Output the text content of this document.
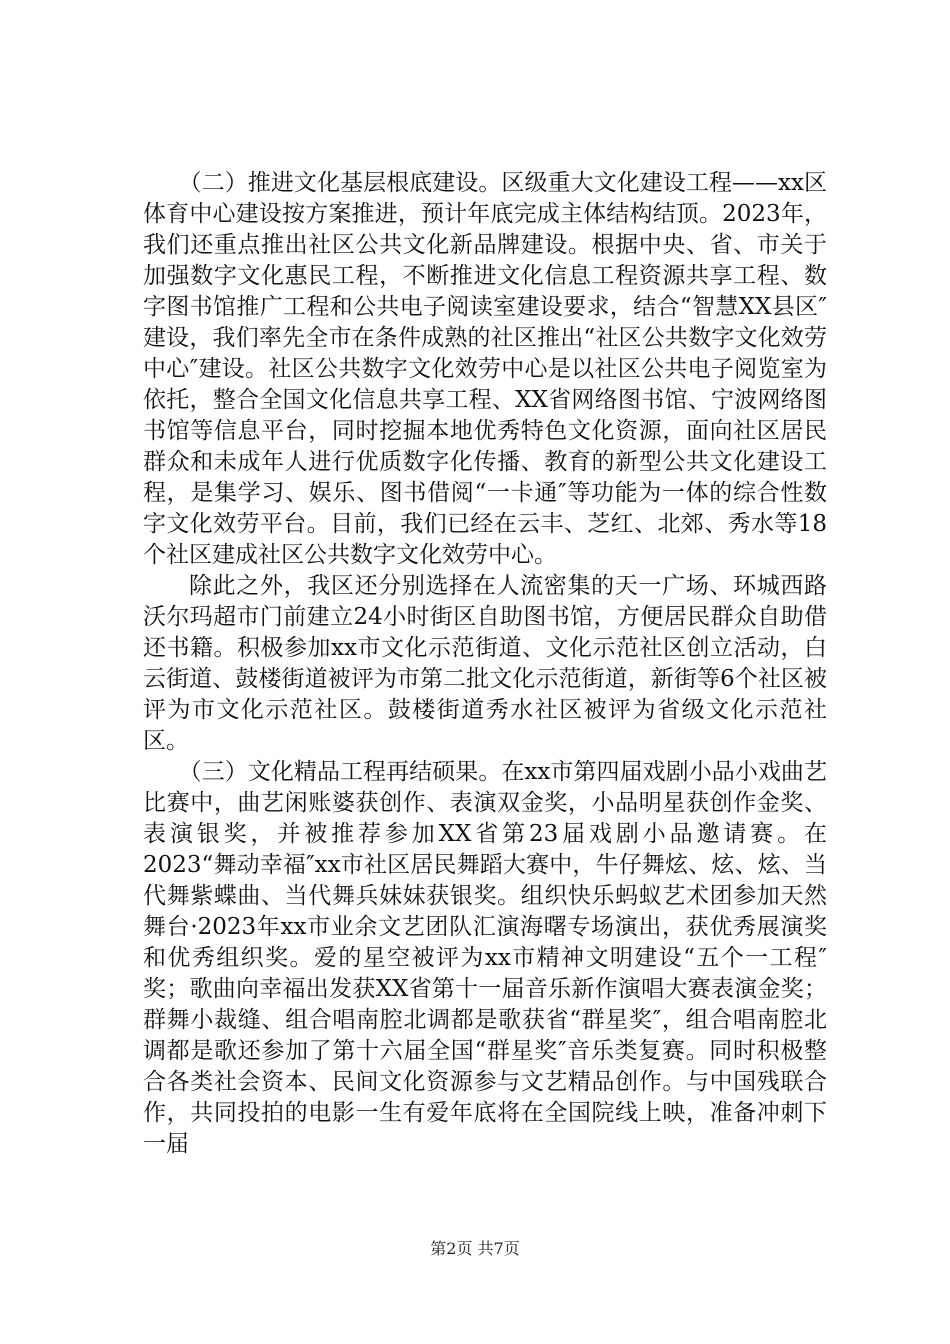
（二）推进文化基层根底建设。区级重大文化建设工程——xx区体育中心建设按方案推进，预计年底完成主体结构结顶。2023年，我们还重点推出社区公共文化新品牌建设。根据中央、省、市关于加强数字文化惠民工程，不断推进文化信息工程资源共享工程、数字图书馆推广工程和公共电子阅读室建设要求，结合“智慧XX县区″建设，我们率先全市在条件成熟的社区推出“社区公共数字文化效劳中心″建设。社区公共数字文化效劳中心是以社区公共电子阅览室为依托，整合全国文化信息共享工程、XX省网络图书馆、宁波网络图书馆等信息平台，同时挖掘本地优秀特色文化资源，面向社区居民群众和未成年人进行优质数字化传播、教育的新型公共文化建设工程，是集学习、娱乐、图书借阅“一卡通″等功能为一体的综合性数字文化效劳平台。目前，我们已经在云丰、芝红、北郊、秀水等18个社区建成社区公共数字文化效劳中心。

除此之外，我区还分别选择在人流密集的天一广场、环城西路沃尔玛超市门前建立24小时街区自助图书馆，方便居民群众自助借还书籍。积极参加xx市文化示范街道、文化示范社区创立活动，白云街道、鼓楼街道被评为市第二批文化示范街道，新街等6个社区被评为市文化示范社区。鼓楼街道秀水社区被评为省级文化示范社区。

（三）文化精品工程再结硕果。在xx市第四届戏剧小品小戏曲艺比赛中，曲艺闲账婆获创作、表演双金奖，小品明星获创作金奖、表演银奖，并被推荐参加XX省第23届戏剧小品邀请赛。在2023“舞动幸福″xx市社区居民舞蹈大赛中，牛仔舞炫、炫、炫、当代舞紫蝶曲、当代舞兵妹妹获银奖。组织快乐蚂蚁艺术团参加天然舞台·2023年xx市业余文艺团队汇演海曙专场演出，获优秀展演奖和优秀组织奖。爱的星空被评为xx市精神文明建设“五个一工程″奖；歌曲向幸福出发获XX省第十一届音乐新作演唱大赛表演金奖；群舞小裁缝、组合唱南腔北调都是歌获省“群星奖″，组合唱南腔北调都是歌还参加了第十六届全国“群星奖″音乐类复赛。同时积极整合各类社会资本、民间文化资源参与文艺精品创作。与中国残联合作，共同投拍的电影一生有爱年底将在全国院线上映，准备冲刺下一届

第2页 共7页
